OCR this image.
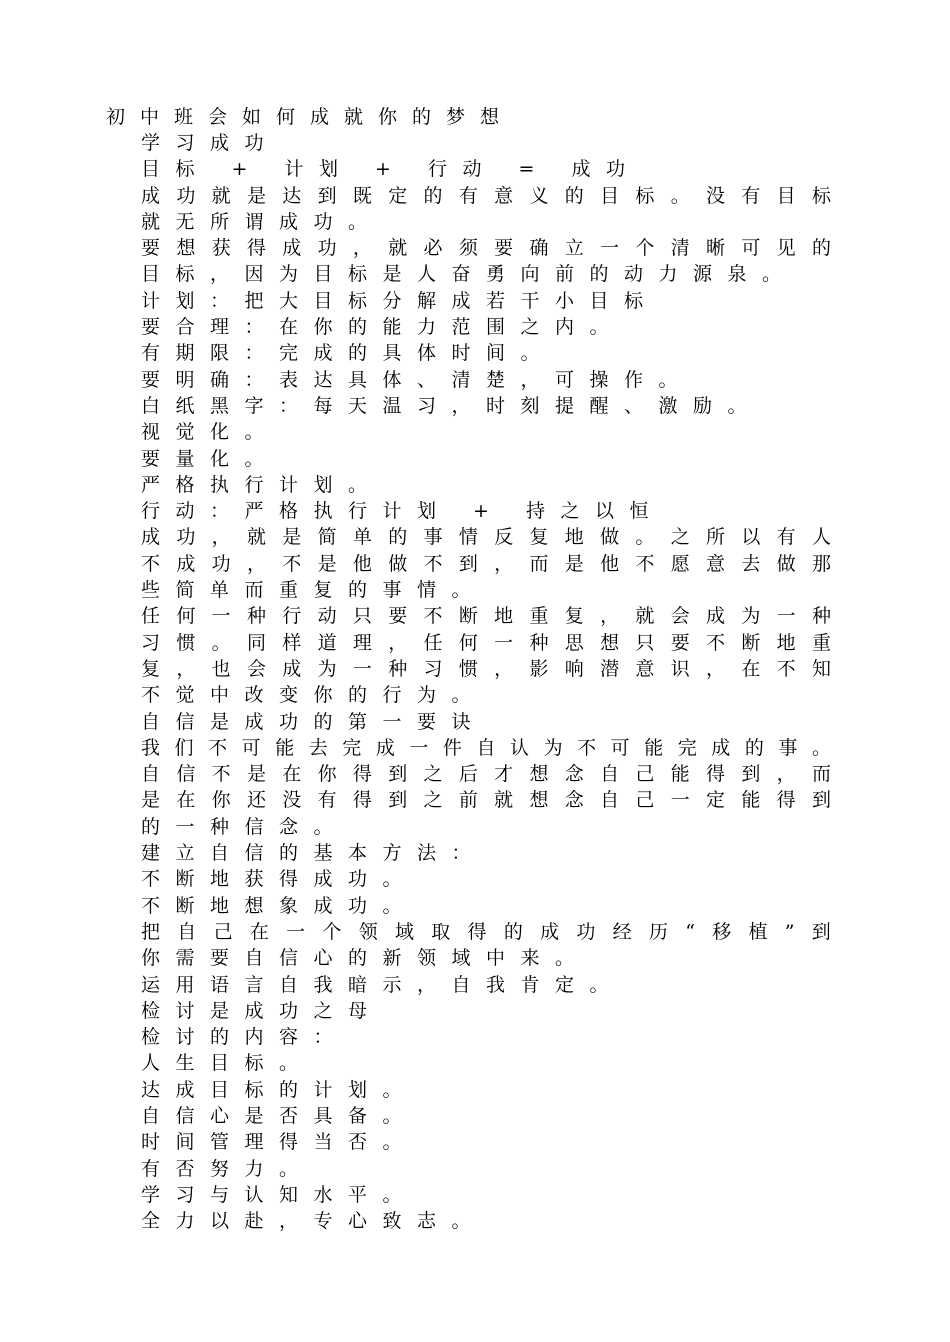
初中班会如何成就你的梦想
学习成功
目标 + 计划 + 行动 = 成功
成 功 就 是 达 到 既 定 的 有 意 义 的 目 标 。 没 有 目 标
就无所谓成功。
要 想 获 得 成 功 ， 就 必 须 要 确 立 一 个 清 晰 可 见 的
目标，因为目标是人奋勇向前的动力源泉。
计划：把大目标分解成若干小目标
要合理：在你的能力范围之内。
有期限：完成的具体时间。
要明确：表达具体、清楚，可操作。
白纸黑字：每天温习，时刻提醒、激励。
视觉化。
要量化。
严格执行计划。
行动：严格执行计划 + 持之以恒
成 功 ， 就 是 简 单 的 事 情 反 复 地 做 。 之 所 以 有 人
不 成 功 ， 不 是 他 做 不 到 ， 而 是 他 不 愿 意 去 做 那
些简单而重复的事情。
任 何 一 种 行 动 只 要 不 断 地 重 复 ， 就 会 成 为 一 种
习 惯 。 同 样 道 理 ， 任 何 一 种 思 想 只 要 不 断 地 重
复 ， 也 会 成 为 一 种 习 惯 ， 影 响 潜 意 识 ， 在 不 知
不觉中改变你的行为。
自信是成功的第一要诀
我 们 不 可 能 去 完 成 一 件 自 认 为 不 可 能 完 成 的 事 。
自 信 不 是 在 你 得 到 之 后 才 想 念 自 己 能 得 到 ， 而
是 在 你 还 没 有 得 到 之 前 就 想 念 自 己 一 定 能 得 到
的一种信念。
建立自信的基本方法：
不断地获得成功。
不断地想象成功。
把 自 己 在 一 个 领 域 取 得 的 成 功 经 历 “ 移 植 ” 到
你需要自信心的新领域中来。
运用语言自我暗示，自我肯定。
检讨是成功之母
检讨的内容：
人生目标。
达成目标的计划。
自信心是否具备。
时间管理得当否。
有否努力。
学习与认知水平。
全力以赴，专心致志。
